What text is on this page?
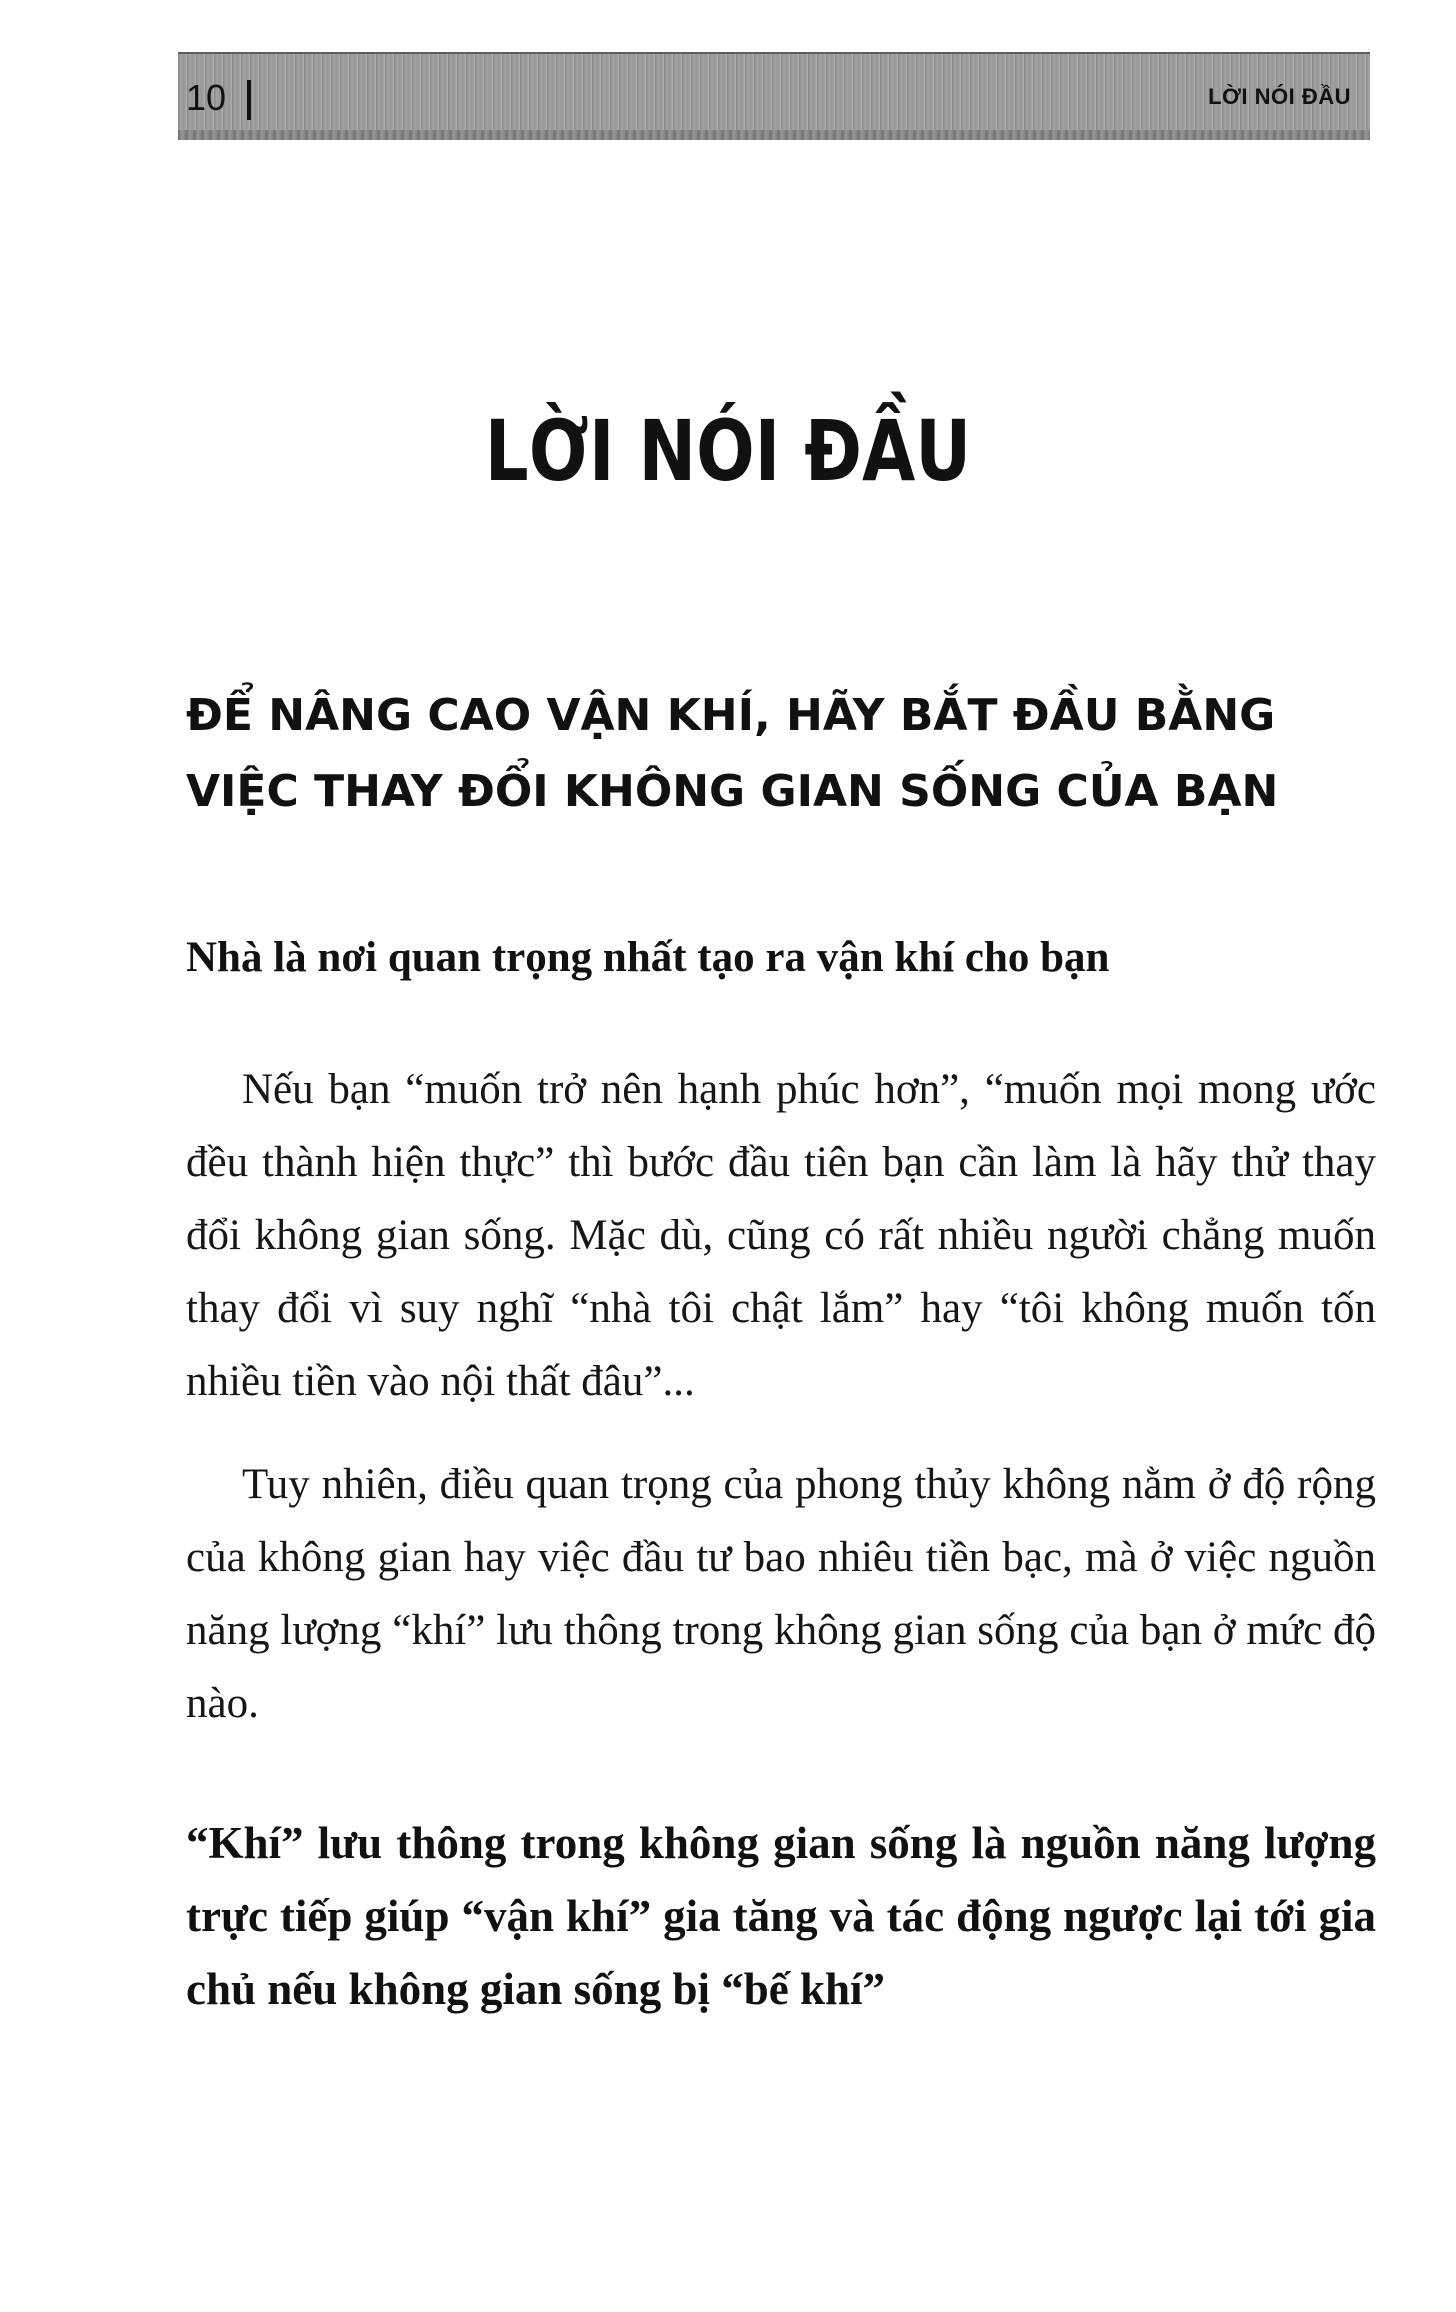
10	LỜI NÓI ĐẦU
LỜI NÓI ĐẦU
ĐỂ NÂNG CAO VẬN KHÍ, HÃY BẮT ĐẦU BẰNG VIỆC THAY ĐỔI KHÔNG GIAN SỐNG CỦA BẠN
Nhà là nơi quan trọng nhất tạo ra vận khí cho bạn

Nếu bạn “muốn trở nên hạnh phúc hơn”, “muốn mọi mong ước đều thành hiện thực” thì bước đầu tiên bạn cần làm là hãy thử thay đổi không gian sống. Mặc dù, cũng có rất nhiều người chẳng muốn thay đổi vì suy nghĩ “nhà tôi chật lắm” hay “tôi không muốn tốn nhiều tiền vào nội thất đâu”...

Tuy nhiên, điều quan trọng của phong thủy không nằm ở độ rộng của không gian hay việc đầu tư bao nhiêu tiền bạc, mà ở việc nguồn năng lượng “khí” lưu thông trong không gian sống của bạn ở mức độ nào.

“Khí” lưu thông trong không gian sống là nguồn năng lượng trực tiếp giúp “vận khí” gia tăng và tác động ngược lại tới gia chủ nếu không gian sống bị “bế khí”
